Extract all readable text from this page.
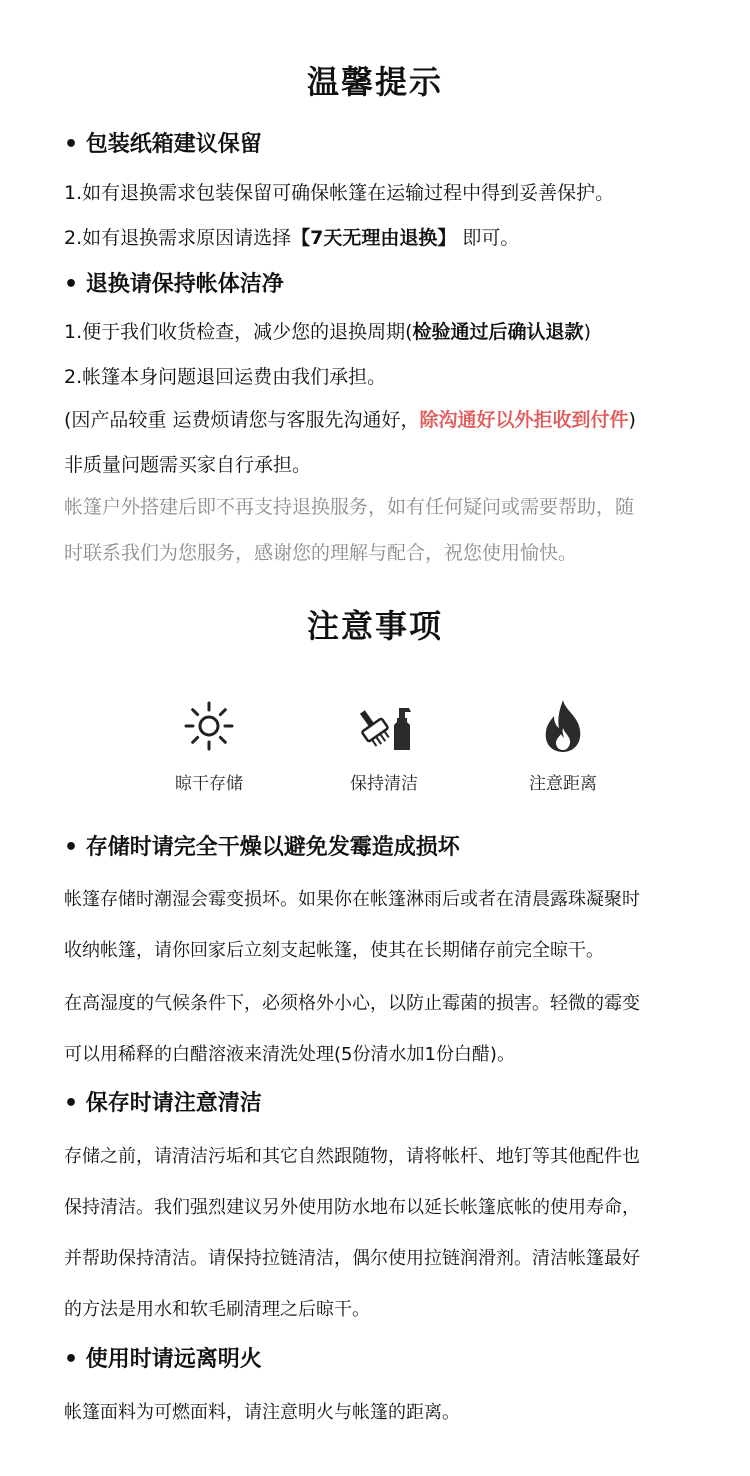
温馨提示
• 包装纸箱建议保留
1.如有退换需求包装保留可确保帐篷在运输过程中得到妥善保护。
2.如有退换需求原因请选择【7天无理由退换】 即可。
• 退换请保持帐体洁净
1.便于我们收货检查，减少您的退换周期(检验通过后确认退款)
2.帐篷本身问题退回运费由我们承担。
(因产品较重 运费烦请您与客服先沟通好，除沟通好以外拒收到付件)
非质量问题需买家自行承担。
帐篷户外搭建后即不再支持退换服务，如有任何疑问或需要帮助，随
时联系我们为您服务，感谢您的理解与配合，祝您使用愉快。
注意事项
晾干存储	保持清洁	注意距离
• 存储时请完全干燥以避免发霉造成损坏
帐篷存储时潮湿会霉变损坏。如果你在帐篷淋雨后或者在清晨露珠凝聚时
收纳帐篷，请你回家后立刻支起帐篷，使其在长期储存前完全晾干。
在高湿度的气候条件下，必须格外小心，以防止霉菌的损害。轻微的霉变
可以用稀释的白醋溶液来清洗处理(5份清水加1份白醋)。
• 保存时请注意清洁
存储之前，请清洁污垢和其它自然跟随物，请将帐杆、地钉等其他配件也
保持清洁。我们强烈建议另外使用防水地布以延长帐篷底帐的使用寿命，
并帮助保持清洁。请保持拉链清洁，偶尔使用拉链润滑剂。清洁帐篷最好
的方法是用水和软毛刷清理之后晾干。
• 使用时请远离明火
帐篷面料为可燃面料，请注意明火与帐篷的距离。
